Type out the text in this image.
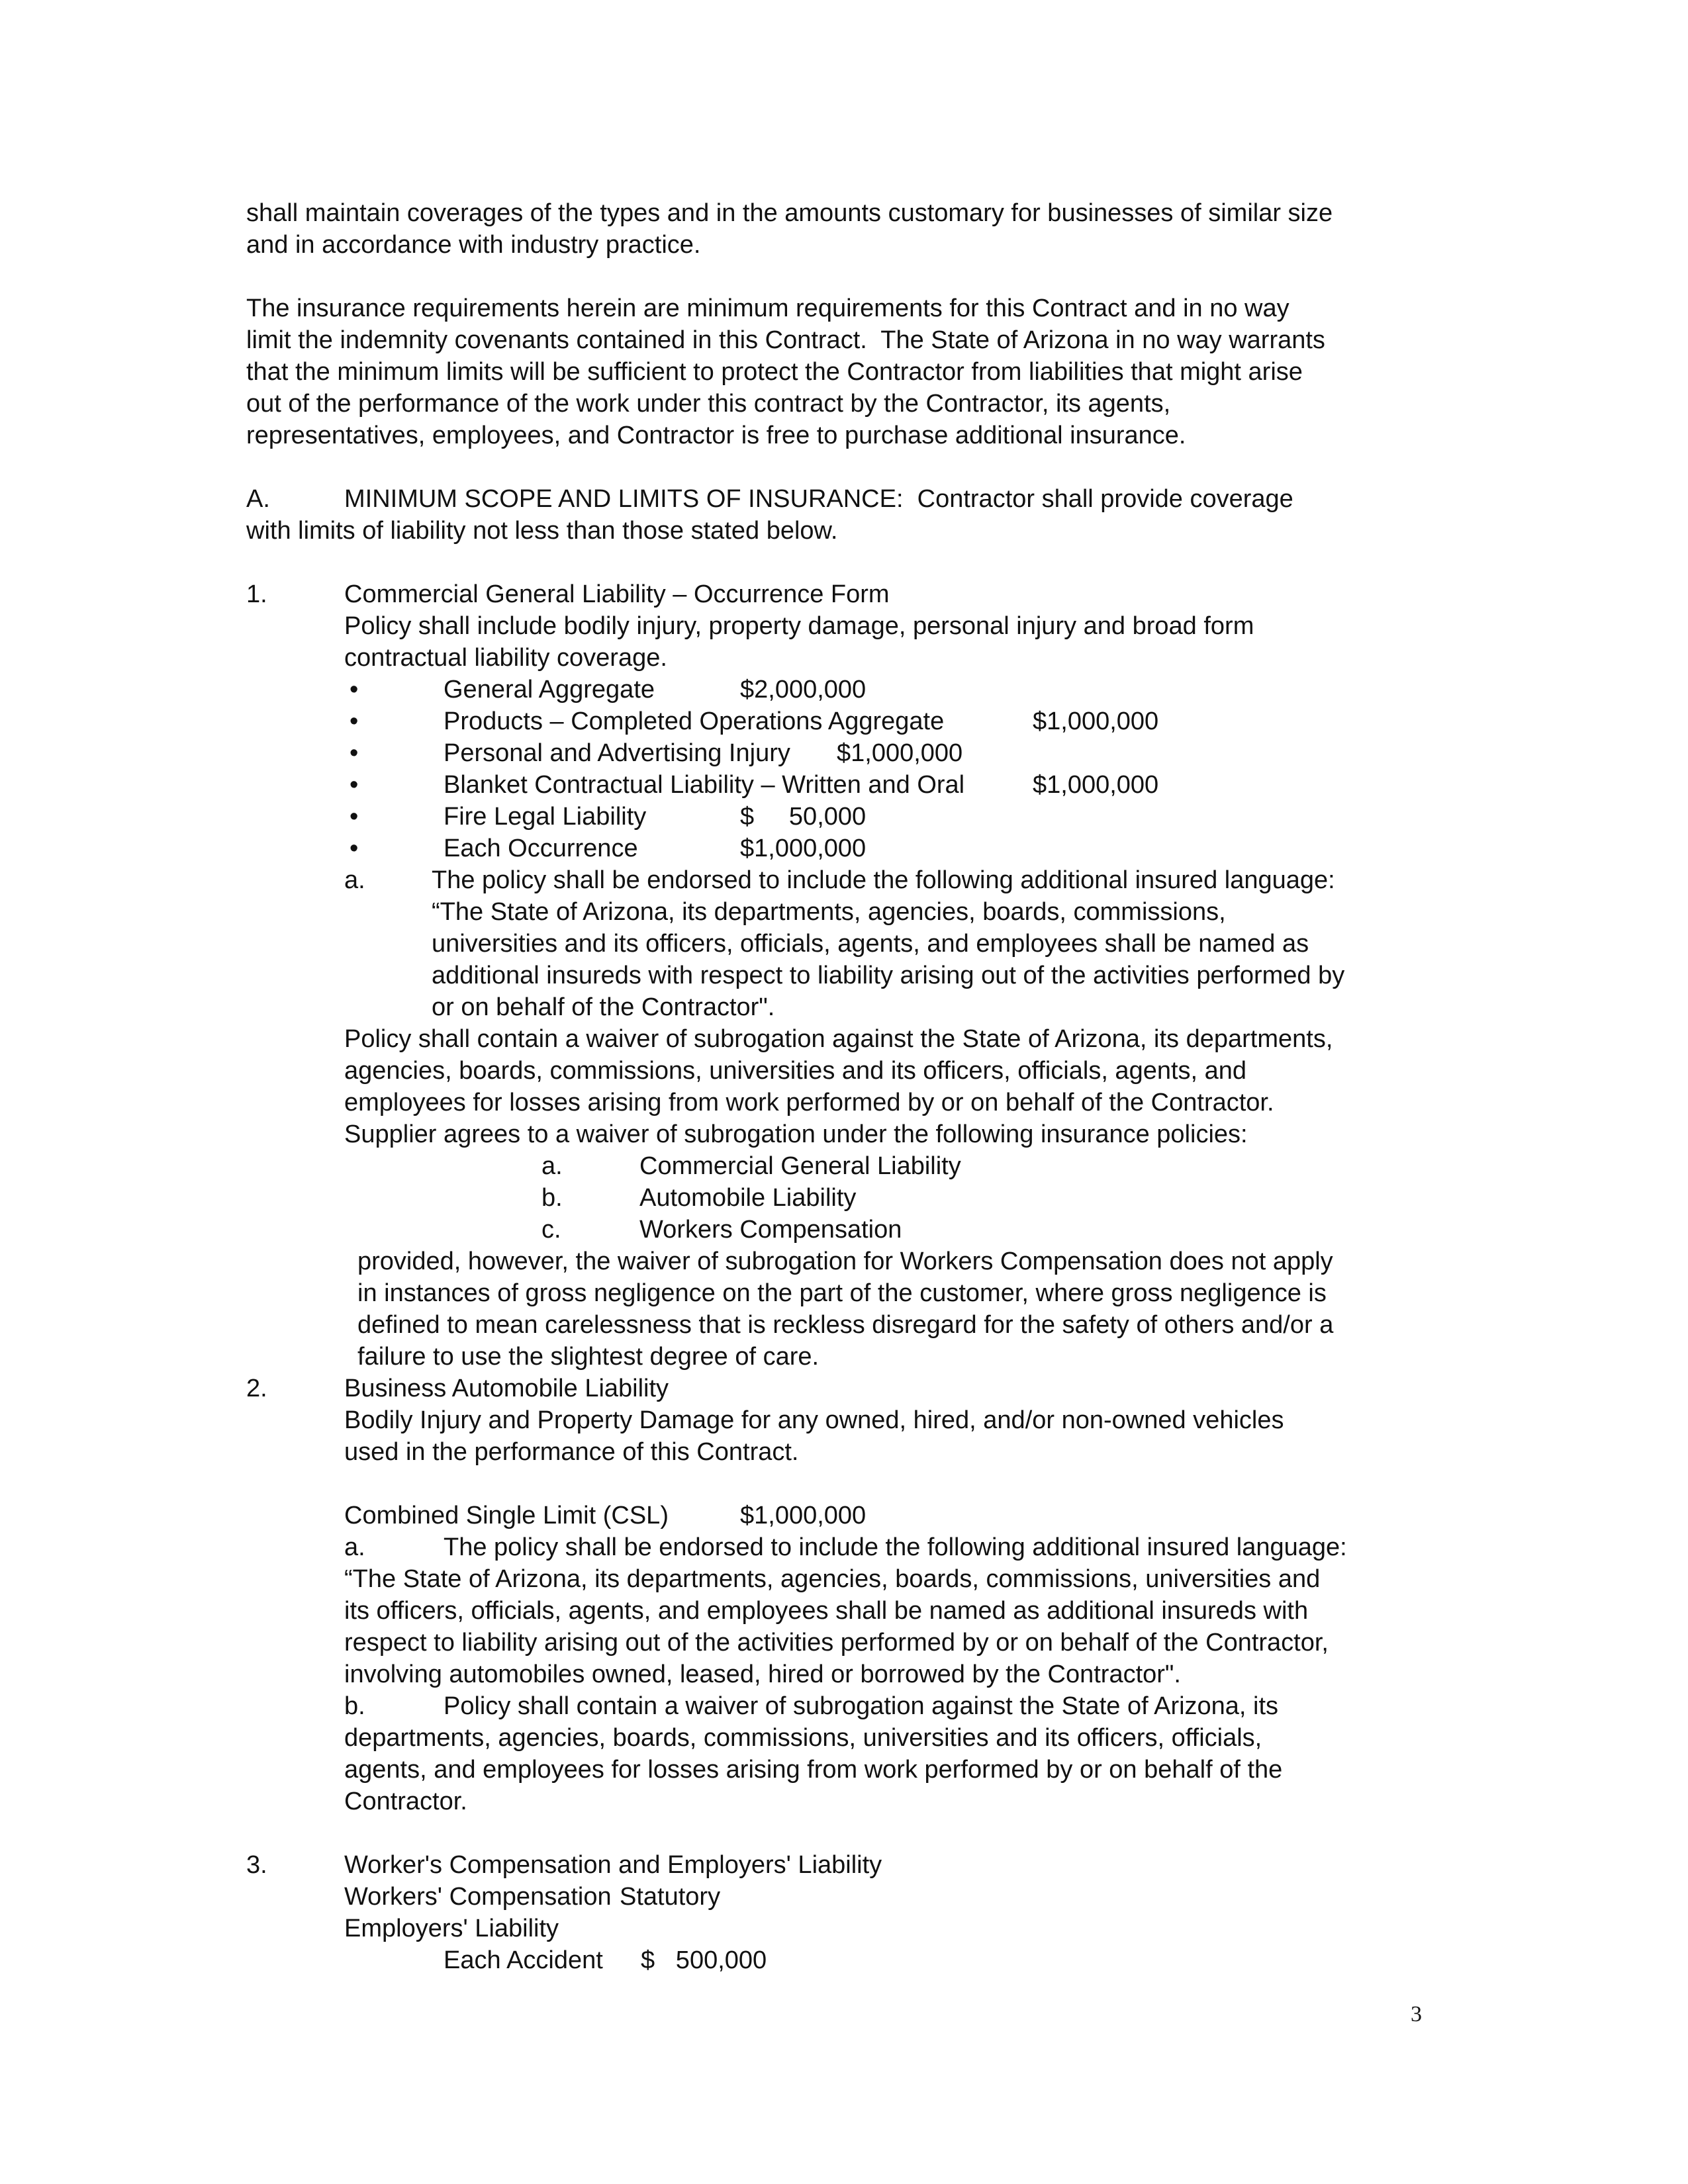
shall maintain coverages of the types and in the amounts customary for businesses of similar size
and in accordance with industry practice.
The insurance requirements herein are minimum requirements for this Contract and in no way
limit the indemnity covenants contained in this Contract.  The State of Arizona in no way warrants
that the minimum limits will be sufficient to protect the Contractor from liabilities that might arise
out of the performance of the work under this contract by the Contractor, its agents,
representatives, employees, and Contractor is free to purchase additional insurance.
A.	MINIMUM SCOPE AND LIMITS OF INSURANCE:  Contractor shall provide coverage
with limits of liability not less than those stated below.
1.	Commercial General Liability – Occurrence Form
Policy shall include bodily injury, property damage, personal injury and broad form
contractual liability coverage.
•	General Aggregate	$2,000,000
•	Products – Completed Operations Aggregate	$1,000,000
•	Personal and Advertising Injury $1,000,000
•	Blanket Contractual Liability – Written and Oral	$1,000,000
•	Fire Legal Liability	$     50,000
•	Each Occurrence	$1,000,000
a.	The policy shall be endorsed to include the following additional insured language:
“The State of Arizona, its departments, agencies, boards, commissions,
universities and its officers, officials, agents, and employees shall be named as
additional insureds with respect to liability arising out of the activities performed by
or on behalf of the Contractor".
Policy shall contain a waiver of subrogation against the State of Arizona, its departments,
agencies, boards, commissions, universities and its officers, officials, agents, and
employees for losses arising from work performed by or on behalf of the Contractor.
Supplier agrees to a waiver of subrogation under the following insurance policies:
a.	Commercial General Liability
b.	Automobile Liability
c.	Workers Compensation
provided, however, the waiver of subrogation for Workers Compensation does not apply
in instances of gross negligence on the part of the customer, where gross negligence is
defined to mean carelessness that is reckless disregard for the safety of others and/or a
failure to use the slightest degree of care.
2.	Business Automobile Liability
Bodily Injury and Property Damage for any owned, hired, and/or non-owned vehicles
used in the performance of this Contract.
Combined Single Limit (CSL)	$1,000,000
a.	The policy shall be endorsed to include the following additional insured language:
“The State of Arizona, its departments, agencies, boards, commissions, universities and
its officers, officials, agents, and employees shall be named as additional insureds with
respect to liability arising out of the activities performed by or on behalf of the Contractor,
involving automobiles owned, leased, hired or borrowed by the Contractor".
b.	Policy shall contain a waiver of subrogation against the State of Arizona, its
departments, agencies, boards, commissions, universities and its officers, officials,
agents, and employees for losses arising from work performed by or on behalf of the
Contractor.
3.	Worker's Compensation and Employers' Liability
Workers' Compensation Statutory
Employers' Liability
Each Accident $   500,000
3
